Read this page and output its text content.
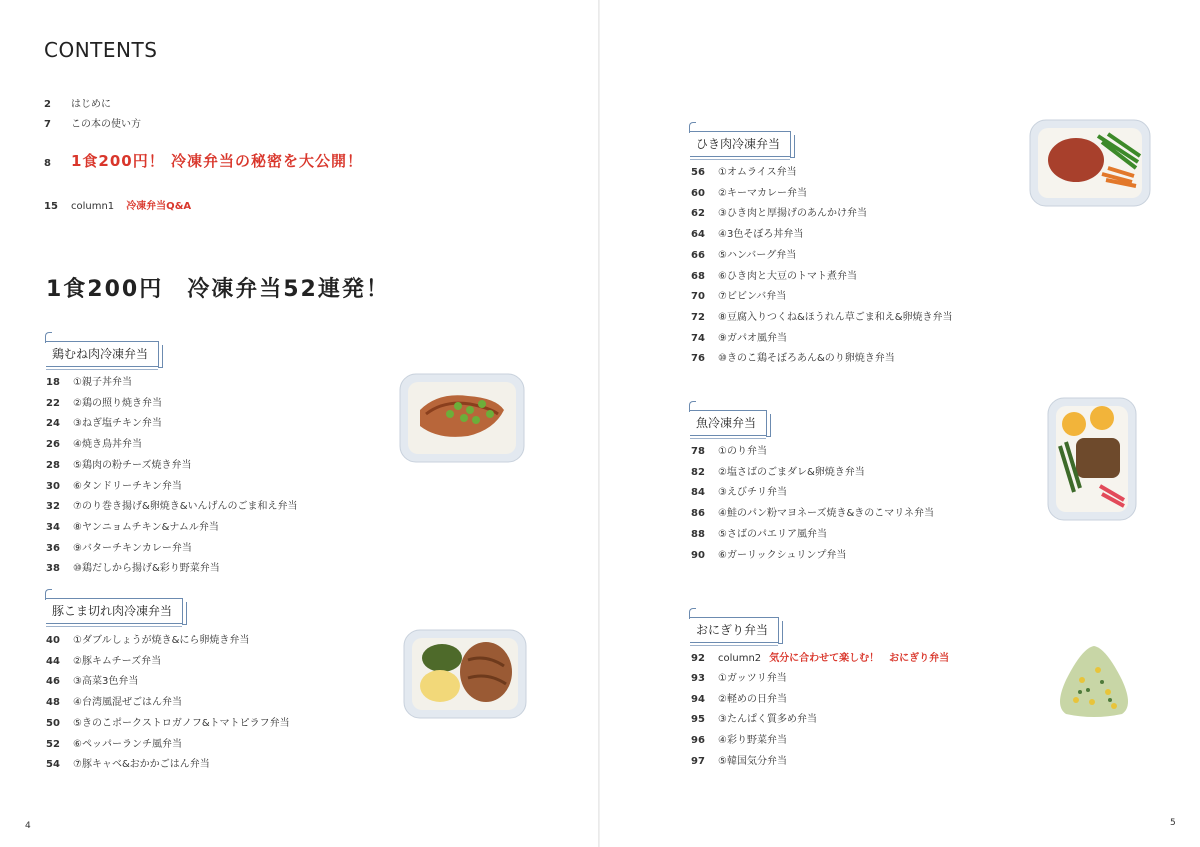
CONTENTS
2	はじめに
7	この本の使い方
8	1食200円！ 冷凍弁当の秘密を大公開！
15	column1 冷凍弁当Q&A
1食200円　冷凍弁当52連発！
鶏むね肉冷凍弁当
18	①親子丼弁当
22	②鶏の照り焼き弁当
24	③ねぎ塩チキン弁当
26	④焼き鳥丼弁当
28	⑤鶏肉の粉チーズ焼き弁当
30	⑥タンドリーチキン弁当
32	⑦のり巻き揚げ&卵焼き&いんげんのごま和え弁当
34	⑧ヤンニョムチキン&ナムル弁当
36	⑨バターチキンカレー弁当
38	⑩鶏だしから揚げ&彩り野菜弁当
豚こま切れ肉冷凍弁当
40	①ダブルしょうが焼き&にら卵焼き弁当
44	②豚キムチーズ弁当
46	③高菜3色弁当
48	④台湾風混ぜごはん弁当
50	⑤きのこポークストロガノフ&トマトピラフ弁当
52	⑥ペッパーランチ風弁当
54	⑦豚キャベ&おかかごはん弁当
4
ひき肉冷凍弁当
56	①オムライス弁当
60	②キーマカレー弁当
62	③ひき肉と厚揚げのあんかけ弁当
64	④3色そぼろ丼弁当
66	⑤ハンバーグ弁当
68	⑥ひき肉と大豆のトマト煮弁当
70	⑦ビビンバ弁当
72	⑧豆腐入りつくね&ほうれん草ごま和え&卵焼き弁当
74	⑨ガパオ風弁当
76	⑩きのこ鶏そぼろあん&のり卵焼き弁当
魚冷凍弁当
78	①のり弁当
82	②塩さばのごまダレ&卵焼き弁当
84	③えびチリ弁当
86	④鮭のパン粉マヨネーズ焼き&きのこマリネ弁当
88	⑤さばのパエリア風弁当
90	⑥ガーリックシュリンプ弁当
おにぎり弁当
92	column2 気分に合わせて楽しむ！　おにぎり弁当
93	①ガッツリ弁当
94	②軽めの日弁当
95	③たんぱく質多め弁当
96	④彩り野菜弁当
97	⑤韓国気分弁当
5
